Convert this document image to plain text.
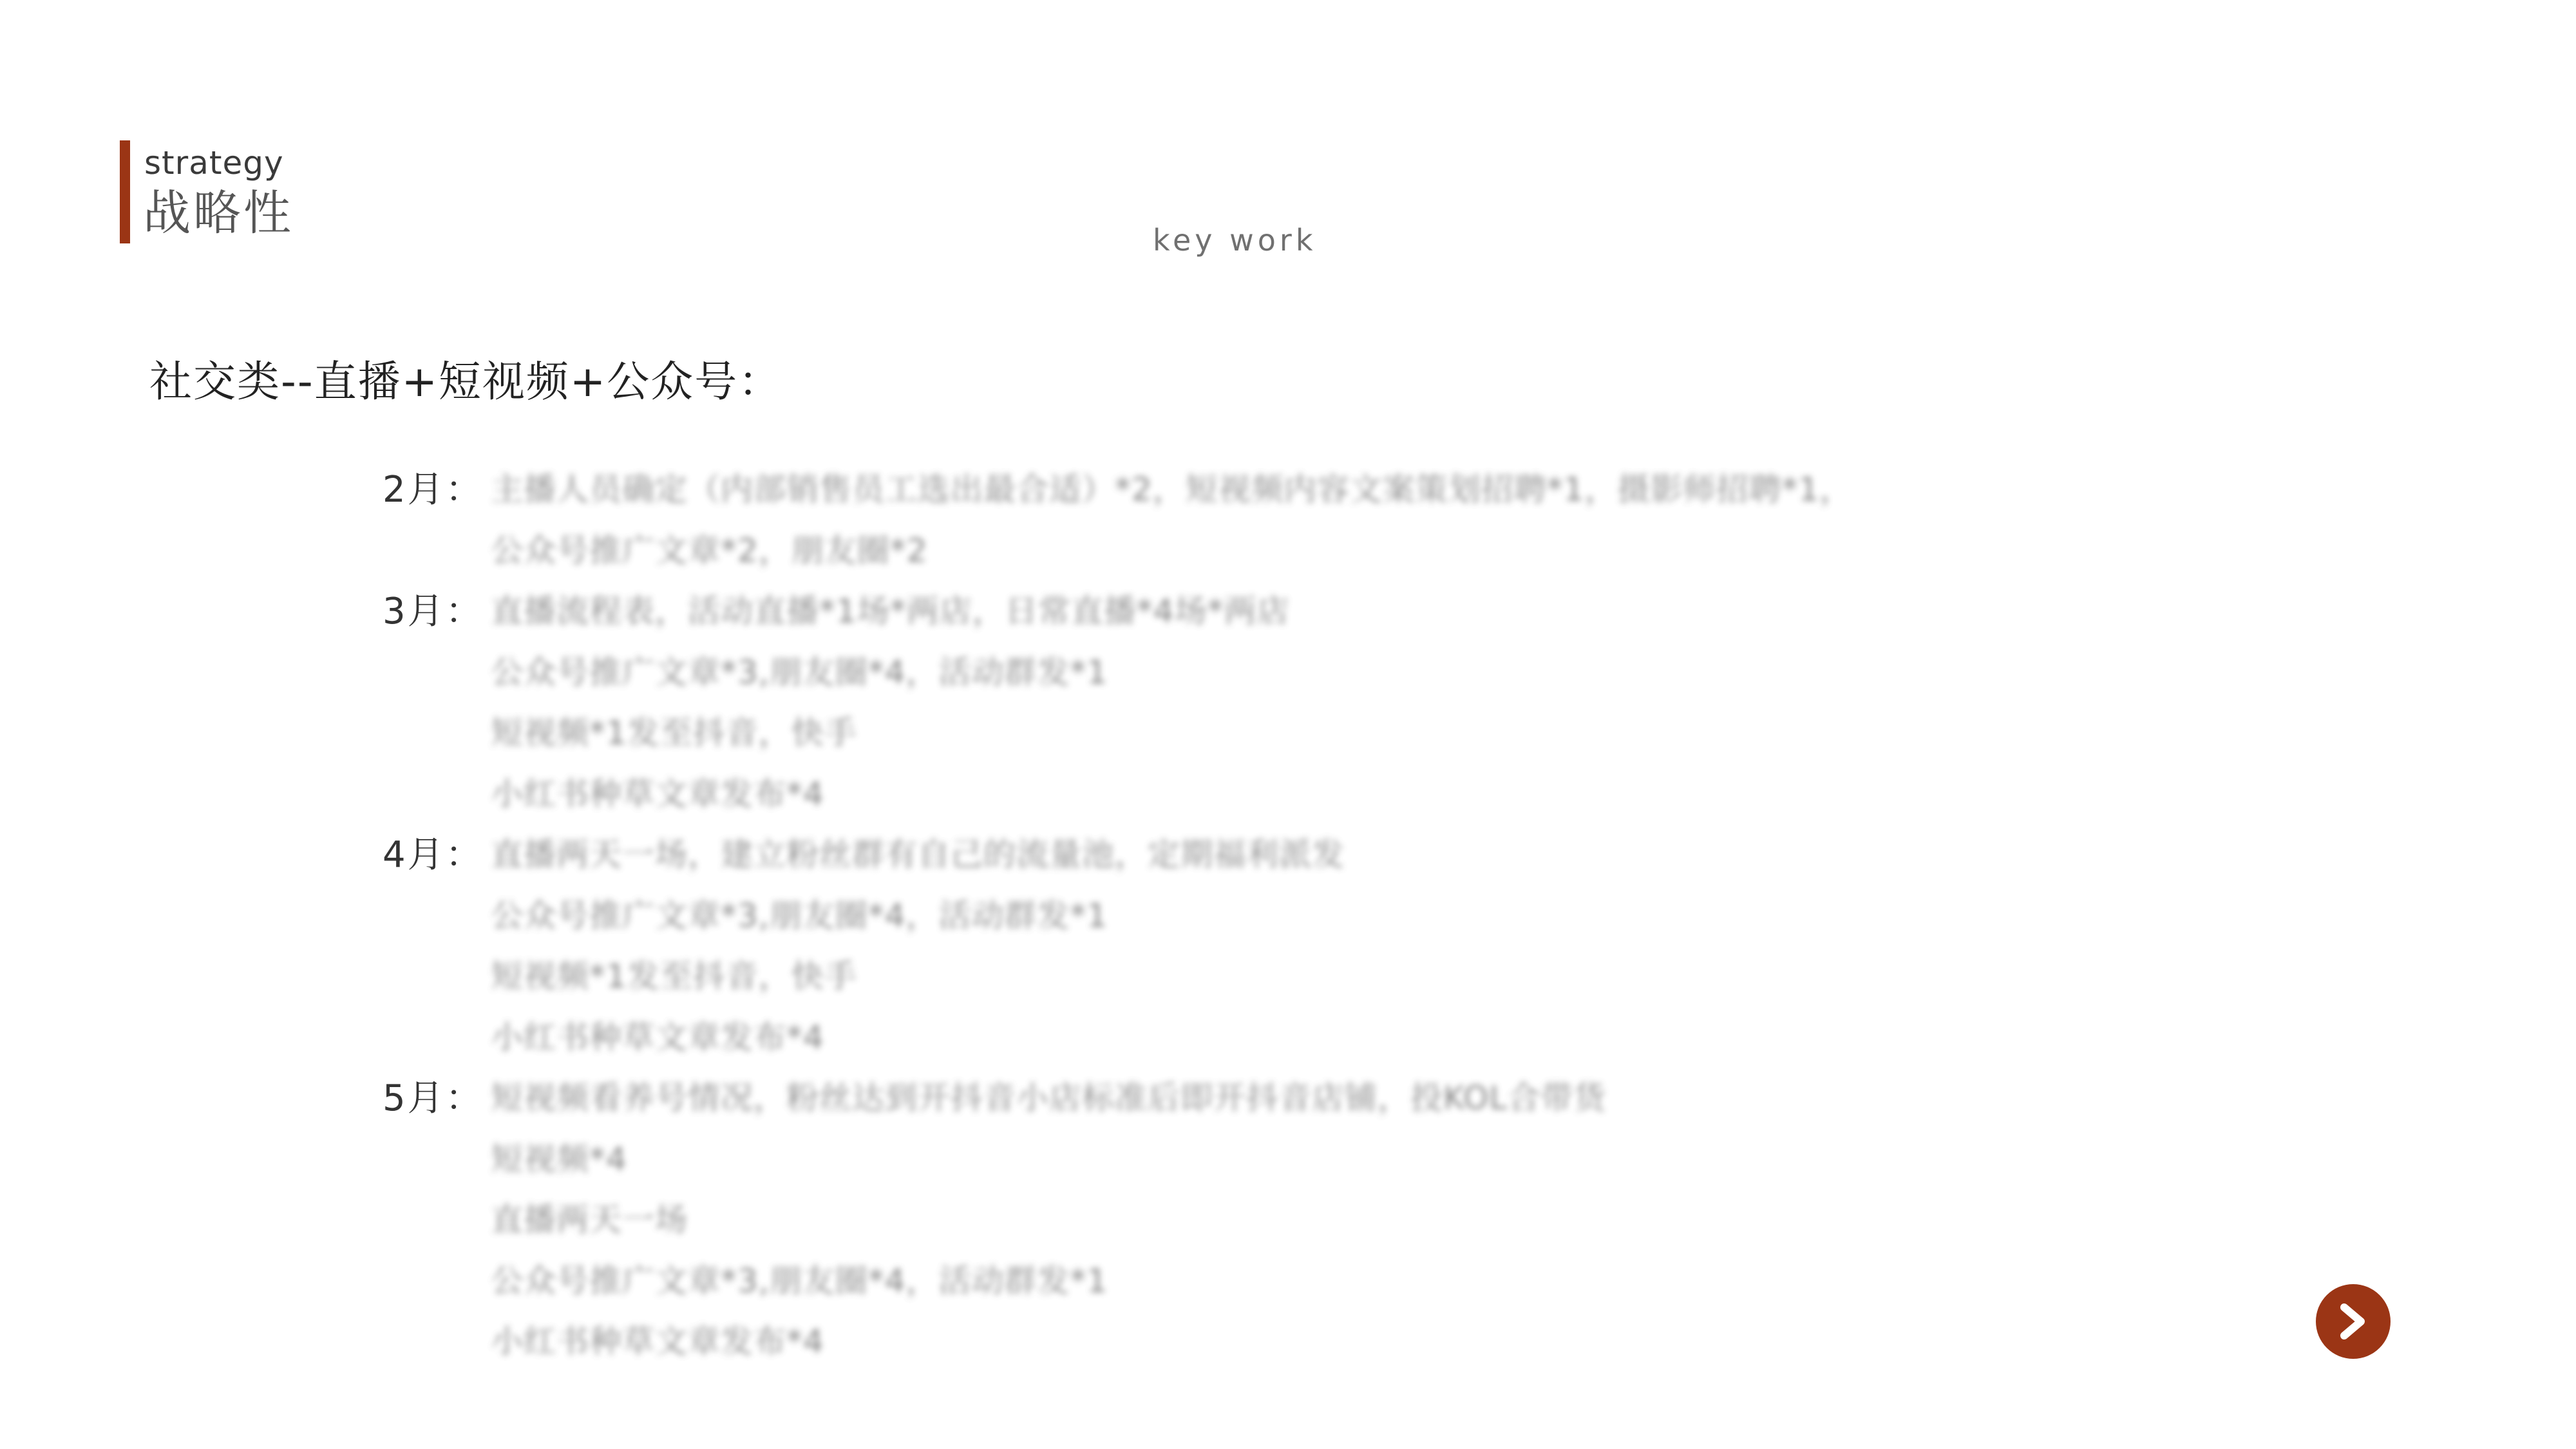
strategy
战略性	key work
社交类--直播+短视频+公众号：
2月： 主播人员确定（内部销售员工选出最合适）*2，短视频内容文案策划招聘*1，摄影师招聘*1，
公众号推广文章*2，朋友圈*2
3月： 直播流程表，活动直播*1场*两店，日常直播*4场*两店
公众号推广文章*3,朋友圈*4，活动群发*1
短视频*1发至抖音，快手
小红书种草文章发布*4
4月： 直播两天一场，建立粉丝群有自己的流量池，定期福利派发
公众号推广文章*3,朋友圈*4，活动群发*1
短视频*1发至抖音，快手
小红书种草文章发布*4
5月： 短视频看养号情况，粉丝达到开抖音小店标准后即开抖音店铺，投KOL合带货
短视频*4
直播两天一场
公众号推广文章*3,朋友圈*4，活动群发*1
小红书种草文章发布*4
